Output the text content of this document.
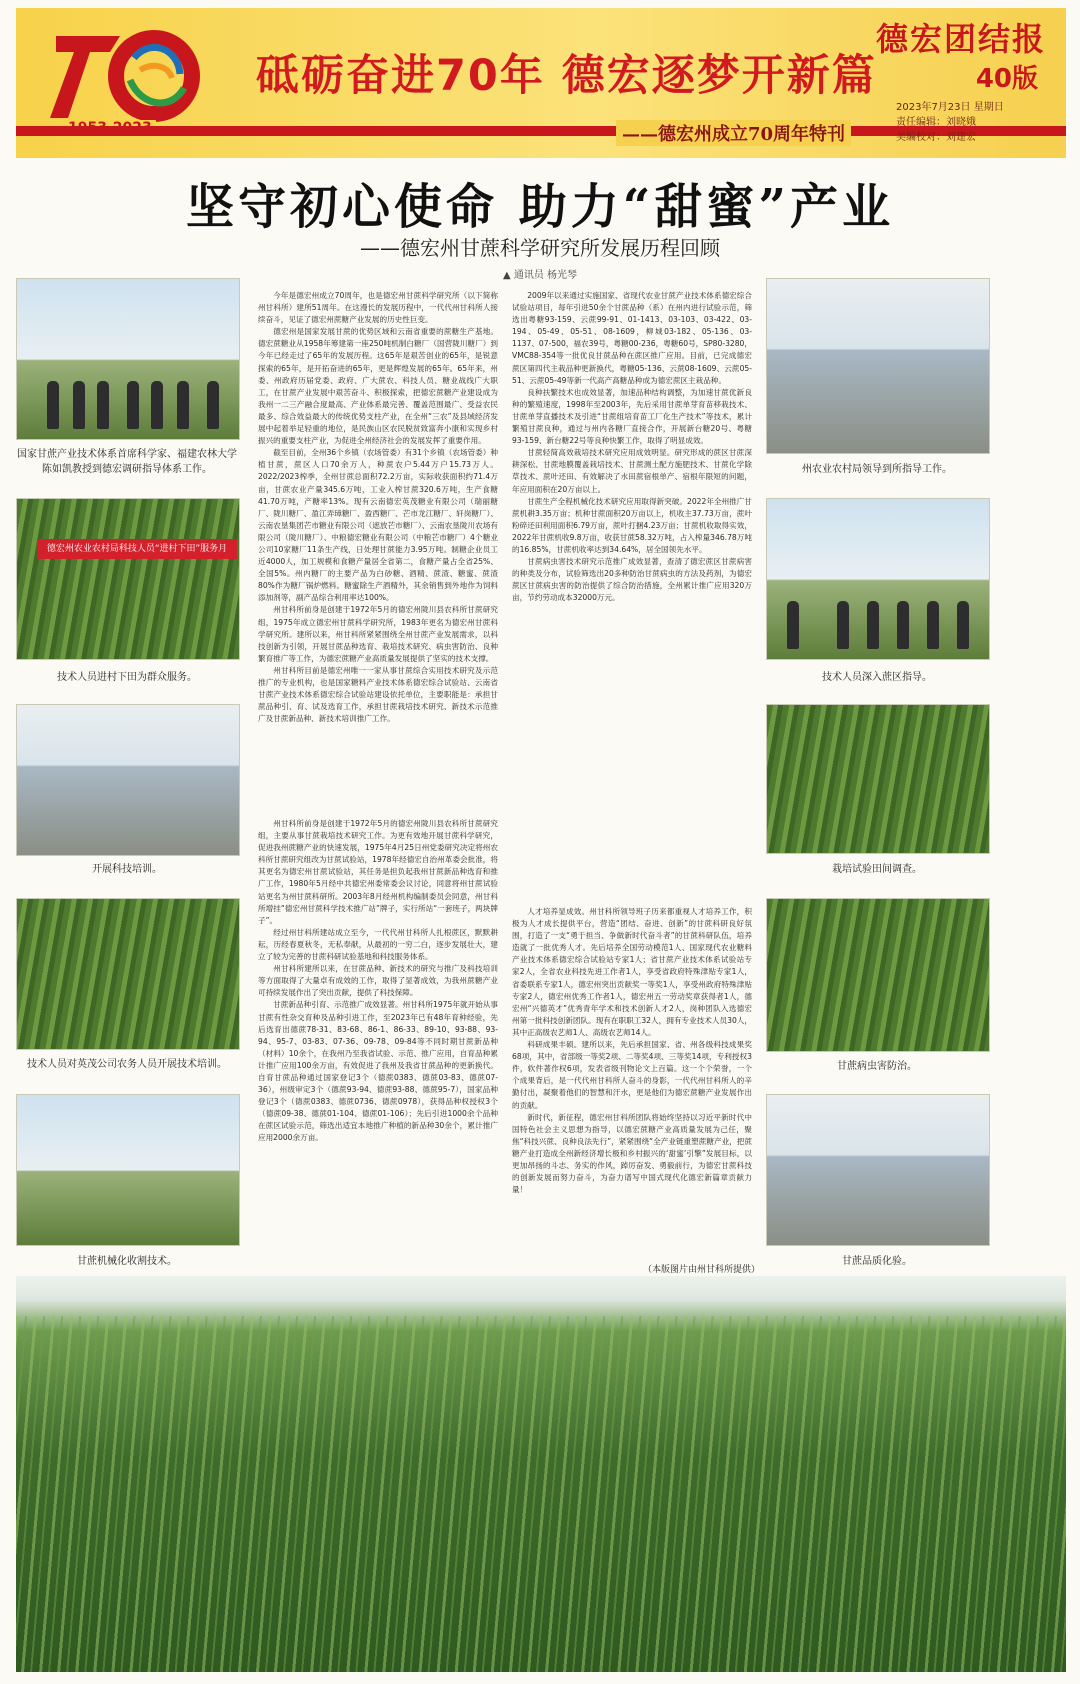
砥砺奋进70年 德宏逐梦开新篇
——德宏州成立70周年特刊
德宏团结报
40版
2023年7月23日 星期日
责任编辑：刘晓娥
美编校对：刘建宏
坚守初心使命 助力“甜蜜”产业
——德宏州甘蔗科学研究所发展历程回顾
▲ 通讯员 杨光琴
国家甘蔗产业技术体系首席科学家、福建农林大学陈如凯教授到德宏调研指导体系工作。
德宏州农业农村局科技人员“进村下田”服务月
技术人员进村下田为群众服务。
开展科技培训。
技术人员对英茂公司农务人员开展技术培训。
甘蔗机械化收割技术。
州农业农村局领导到所指导工作。
技术人员深入蔗区指导。
栽培试验田间调查。
甘蔗病虫害防治。
甘蔗品质化验。

今年是德宏州成立70周年，也是德宏州甘蔗科学研究所（以下简称州甘科所）建所51周年。在这漫长的发展历程中，一代代州甘科所人接续奋斗，见证了德宏州蔗糖产业发展的历史性巨变。

德宏州是国家发展甘蔗的优势区域和云南省重要的蔗糖生产基地。德宏蔗糖业从1958年筹建第一座250吨机制白糖厂（国营陇川糖厂）到今年已经走过了65年的发展历程。这65年是艰苦创业的65年，是锐意探索的65年，是开拓奋进的65年，更是辉煌发展的65年。65年来，州委、州政府历届党委、政府、广大蔗农、科技人员、糖业战线广大职工，在甘蔗产业发展中艰苦奋斗、积极探索，把德宏蔗糖产业建设成为我州一二三产融合度最高、产业体系最完善、覆盖范围最广、受益农民最多、综合效益最大的传统优势支柱产业，在全州“三农”及县域经济发展中起着举足轻重的地位，是民族山区农民脱贫致富奔小康和实现乡村振兴的重要支柱产业，为促进全州经济社会的发展发挥了重要作用。

截至目前，全州36个乡镇（农场管委）有31个乡镇（农场管委）种植甘蔗，蔗区人口70余万人，种蔗农户5.44万户15.73万人。2022/2023榨季，全州甘蔗总面积72.2万亩，实际收获面积约71.4万亩，甘蔗农业产量345.6万吨，工业入榨甘蔗320.6万吨，生产食糖41.70万吨，产糖率13%。现有云南德宏英茂糖业有限公司（瑞丽糖厂、陇川糖厂、盈江弄璋糖厂、盈西糖厂、芒市龙江糖厂、轩岗糖厂）、云南农垦集团芒市糖业有限公司（遮放芒市糖厂）、云南农垦陇川农场有限公司（陇川糖厂）、中粮德宏糖业有限公司（中粮芒市糖厂）4个糖业公司10家糖厂11条生产线，日处理甘蔗能力3.95万吨。制糖企业员工近4000人，加工规模和食糖产量居全省第二，食糖产量占全省25%、全国5%。州内糖厂的主要产品为白砂糖、酒精、蔗渣、糖蜜、蔗渣80%作为糖厂锅炉燃料。糖蜜除生产酒精外，其余销售到外地作为饲料添加剂等，副产品综合利用率达100%。

州甘科所前身是创建于1972年5月的德宏州陇川县农科所甘蔗研究组，1975年成立德宏州甘蔗科学研究所，1983年更名为德宏州甘蔗科学研究所。建所以来，州甘科所紧紧围绕全州甘蔗产业发展需求，以科技创新为引领，开展甘蔗品种选育、栽培技术研究、病虫害防治、良种繁育推广等工作，为德宏蔗糖产业高质量发展提供了坚实的技术支撑。

州甘科所目前是德宏州唯一一家从事甘蔗综合实用技术研究及示范推广的专业机构，也是国家糖料产业技术体系德宏综合试验站、云南省甘蔗产业技术体系德宏综合试验站建设依托单位，主要职能是：承担甘蔗品种引、育、试及选育工作，承担甘蔗栽培技术研究、新技术示范推广及甘蔗新品种、新技术培训推广工作。

州甘科所前身是创建于1972年5月的德宏州陇川县农科所甘蔗研究组，主要从事甘蔗栽培技术研究工作。为更有效地开展甘蔗科学研究，促进我州蔗糖产业的快速发展，1975年4月25日州党委研究决定将州农科所甘蔗研究组改为甘蔗试验站，1978年经德宏自治州革委会批准，将其更名为德宏州甘蔗试验站，其任务是担负起我州甘蔗新品种选育和推广工作，1980年5月经中共德宏州委常委会议讨论，同意将州甘蔗试验站更名为州甘蔗科研所。2003年8月经州机构编制委员会同意，州甘科所增挂“德宏州甘蔗科学技术推广站”牌子，实行所站“一套班子，两块牌子”。

经过州甘科所建站成立至今，一代代州甘科所人扎根蔗区，默默耕耘，历经春夏秋冬，无私奉献，从最初的一穷二白，逐步发展壮大，建立了较为完善的甘蔗科研试验基地和科技服务体系。

州甘科所建所以来，在甘蔗品种、新技术的研究与推广及科技培训等方面取得了大量卓有成效的工作，取得了显著成效，为我州蔗糖产业可持续发展作出了突出贡献，提供了科技保障。

甘蔗新品种引育、示范推广成效显著。州甘科所1975年就开始从事甘蔗有性杂交育种及品种引进工作，至2023年已有48年育种经验，先后选育出德蔗78-31、83-68、86-1、86-33、89-10、93-88、93-94、95-7、03-83、07-36、09-78、09-84等不同时期甘蔗新品种（材料）10余个，在我州乃至我省试验、示范、推广应用，自育品种累计推广应用100余万亩，有效促进了我州及我省甘蔗品种的更新换代。自育甘蔗品种通过国家登记3个（德蔗0383、德蔗03-83、德蔗07-36），州级审定3个（德蔗93-94、德蔗93-88、德蔗95-7），国家品种登记3个（德蔗0383、德蔗0736、德蔗0978），获得品种权授权3个（德蔗09-38、德蔗01-104、德蔗01-106）；先后引进1000余个品种在蔗区试验示范，筛选出适宜本地推广种植的新品种30余个，累计推广应用2000余万亩。

2009年以来通过实施国家、省现代农业甘蔗产业技术体系德宏综合试验站项目，每年引进50余个甘蔗品种（系）在州内进行试验示范，筛选出粤糖93-159、云蔗99-91、01-1413、03-103、03-422、03-194、05-49、05-51、08-1609，柳城03-182、05-136、03-1137、07-500，福农39号，粤糖00-236，粤糖60号，SP80-3280，VMC88-354等一批优良甘蔗品种在蔗区推广应用。目前，已完成德宏蔗区第四代主栽品种更新换代，粤糖05-136、云蔗08-1609、云蔗05-51、云蔗05-49等新一代高产高糖品种成为德宏蔗区主栽品种。

良种扶繁技术也成效显著，加速品种结构调整，为加速甘蔗优新良种的繁殖速度，1998年至2003年，先后采用甘蔗单芽育苗移栽技术、甘蔗单芽直播技术及引进“甘蔗组培育苗工厂化生产技术”等技术，累计繁殖甘蔗良种，通过与州内各糖厂直接合作，开展新台糖20号、粤糖93-159、新台糖22号等良种快繁工作，取得了明显成效。

甘蔗轻简高效栽培技术研究应用成效明显。研究形成的蔗区甘蔗深耕深松、甘蔗地膜覆盖栽培技术、甘蔗测土配方施肥技术、甘蔗化学除草技术、蔗叶还田、有效解决了水田蔗宿根单产、宿根年限短的问题，年应用面积在20万亩以上。

甘蔗生产全程机械化技术研究应用取得新突破。2022年全州推广甘蔗机耕3.35万亩；机种甘蔗面积20万亩以上，机收主37.73万亩，蔗叶粉碎还田利用面积6.79万亩，蔗叶打捆4.23万亩；甘蔗机收取得实效，2022年甘蔗机收9.8万亩，收获甘蔗58.32万吨，占入榨量346.78万吨的16.85%，甘蔗机收率达到34.64%，居全国领先水平。

甘蔗病虫害技术研究示范推广成效显著，查清了德宏蔗区甘蔗病害的种类及分布，试验筛选出20多种防治甘蔗病虫的方法及药剂，为德宏蔗区甘蔗病虫害的防治提供了综合防治措施，全州累计推广应用320万亩，节约劳动成本32000万元。

人才培养显成效。州甘科所领导班子历来都重视人才培养工作，积极为人才成长提供平台，营造“团结、奋进、创新”的甘蔗科研良好氛围，打造了一支“勇于担当、争做新时代奋斗者”的甘蔗科研队伍，培养造就了一批优秀人才。先后培养全国劳动模范1人、国家现代农业糖料产业技术体系德宏综合试验站专家1人；省甘蔗产业技术体系试验站专家2人，全省农业科技先进工作者1人，享受省政府特殊津贴专家1人，省委联系专家1人，德宏州突出贡献奖一等奖1人，享受州政府特殊津贴专家2人，德宏州优秀工作者1人，德宏州五一劳动奖章获得者1人，德宏州“兴德英才”优秀青年学术和技术创新人才2人，岗种团队入选德宏州第一批科技创新团队。现有在职职工32人，拥有专业技术人员30人，其中正高级农艺师1人、高级农艺师14人。

科研成果丰硕。建所以来，先后承担国家、省、州各级科技成果奖68项，其中，省部级一等奖2项、二等奖4项、三等奖14项，专利授权3件，软件著作权6项，发表省级刊物论文上百篇。这一个个荣誉，一个个成果背后，是一代代州甘科所人奋斗的身影，一代代州甘科所人的辛勤付出，凝聚着他们的智慧和汗水，更是他们为德宏蔗糖产业发展作出的贡献。

新时代，新征程，德宏州甘科所团队将始终坚持以习近平新时代中国特色社会主义思想为指导，以德宏蔗糖产业高质量发展为己任，聚焦“科技兴蔗、良种良法先行”，紧紧围绕“全产业链重塑蔗糖产业，把蔗糖产业打造成全州新经济增长极和乡村振兴的‘甜蜜’引擎”发展目标，以更加昂扬的斗志、务实的作风，踔厉奋发、勇毅前行，为德宏甘蔗科技的创新发展而努力奋斗，为奋力谱写中国式现代化德宏新篇章贡献力量！

（本版图片由州甘科所提供）
